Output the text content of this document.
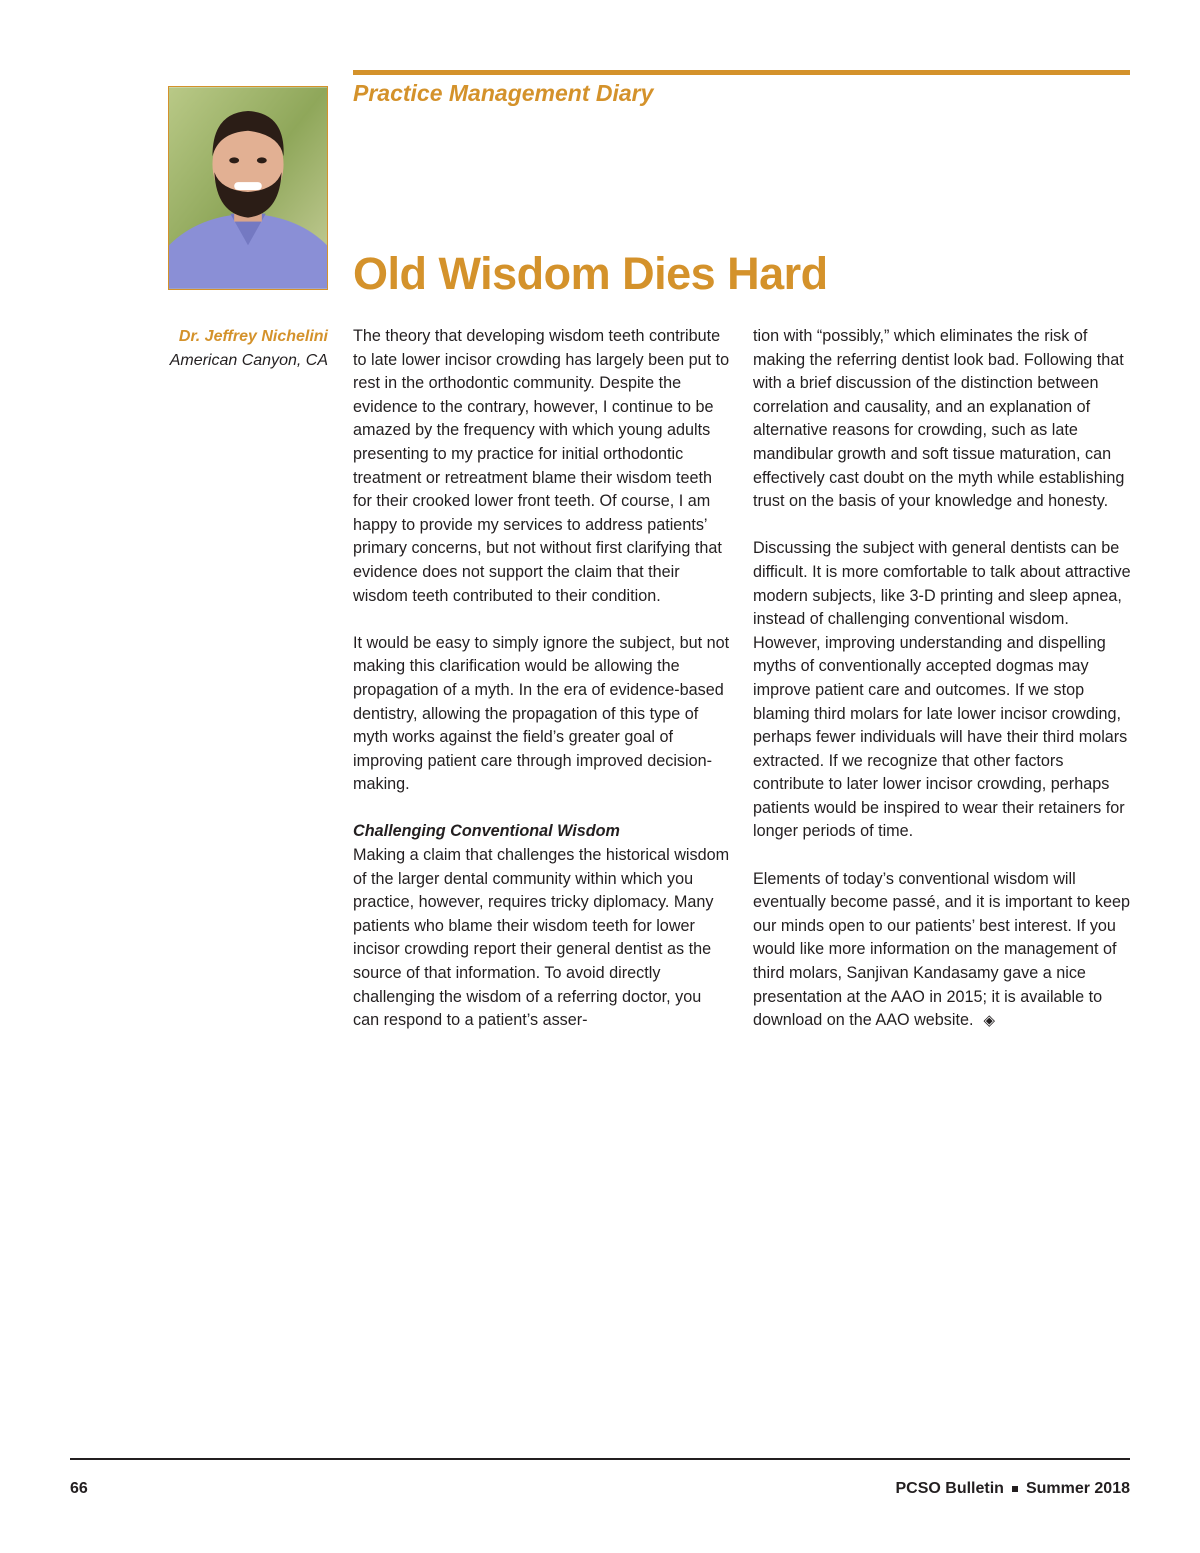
Practice Management Diary
Old Wisdom Dies Hard
Dr. Jeffrey Nichelini
American Canyon, CA

The theory that developing wisdom teeth contribute to late lower incisor crowding has largely been put to rest in the orthodontic community. Despite the evidence to the contrary, however, I continue to be amazed by the frequency with which young adults presenting to my practice for initial orthodontic treatment or retreatment blame their wisdom teeth for their crooked lower front teeth. Of course, I am happy to provide my services to address patients’ primary concerns, but not without first clarifying that evidence does not support the claim that their wisdom teeth contributed to their condition.

It would be easy to simply ignore the subject, but not making this clarification would be allowing the propagation of a myth. In the era of evidence-based dentistry, allowing the propagation of this type of myth works against the field’s greater goal of improving patient care through improved decision-making.

Challenging Conventional Wisdom

Making a claim that challenges the historical wisdom of the larger dental community within which you practice, however, requires tricky diplomacy. Many patients who blame their wisdom teeth for lower incisor crowding report their general dentist as the source of that information. To avoid directly challenging the wisdom of a referring doctor, you can respond to a patient’s asser-

tion with “possibly,” which eliminates the risk of making the referring dentist look bad. Following that with a brief discussion of the distinction between correlation and causality, and an explanation of alternative reasons for crowding, such as late mandibular growth and soft tissue maturation, can effectively cast doubt on the myth while establishing trust on the basis of your knowledge and honesty.

Discussing the subject with general dentists can be difficult. It is more comfortable to talk about attractive modern subjects, like 3-D printing and sleep apnea, instead of challenging conventional wisdom. However, improving understanding and dispelling myths of conventionally accepted dogmas may improve patient care and outcomes. If we stop blaming third molars for late lower incisor crowding, perhaps fewer individuals will have their third molars extracted. If we recognize that other factors contribute to later lower incisor crowding, perhaps patients would be inspired to wear their retainers for longer periods of time.

Elements of today’s conventional wisdom will eventually become passé, and it is important to keep our minds open to our patients’ best interest. If you would like more information on the management of third molars, Sanjivan Kandasamy gave a nice presentation at the AAO in 2015; it is available to download on the AAO website. ◈

66	PCSO Bulletin Summer 2018
